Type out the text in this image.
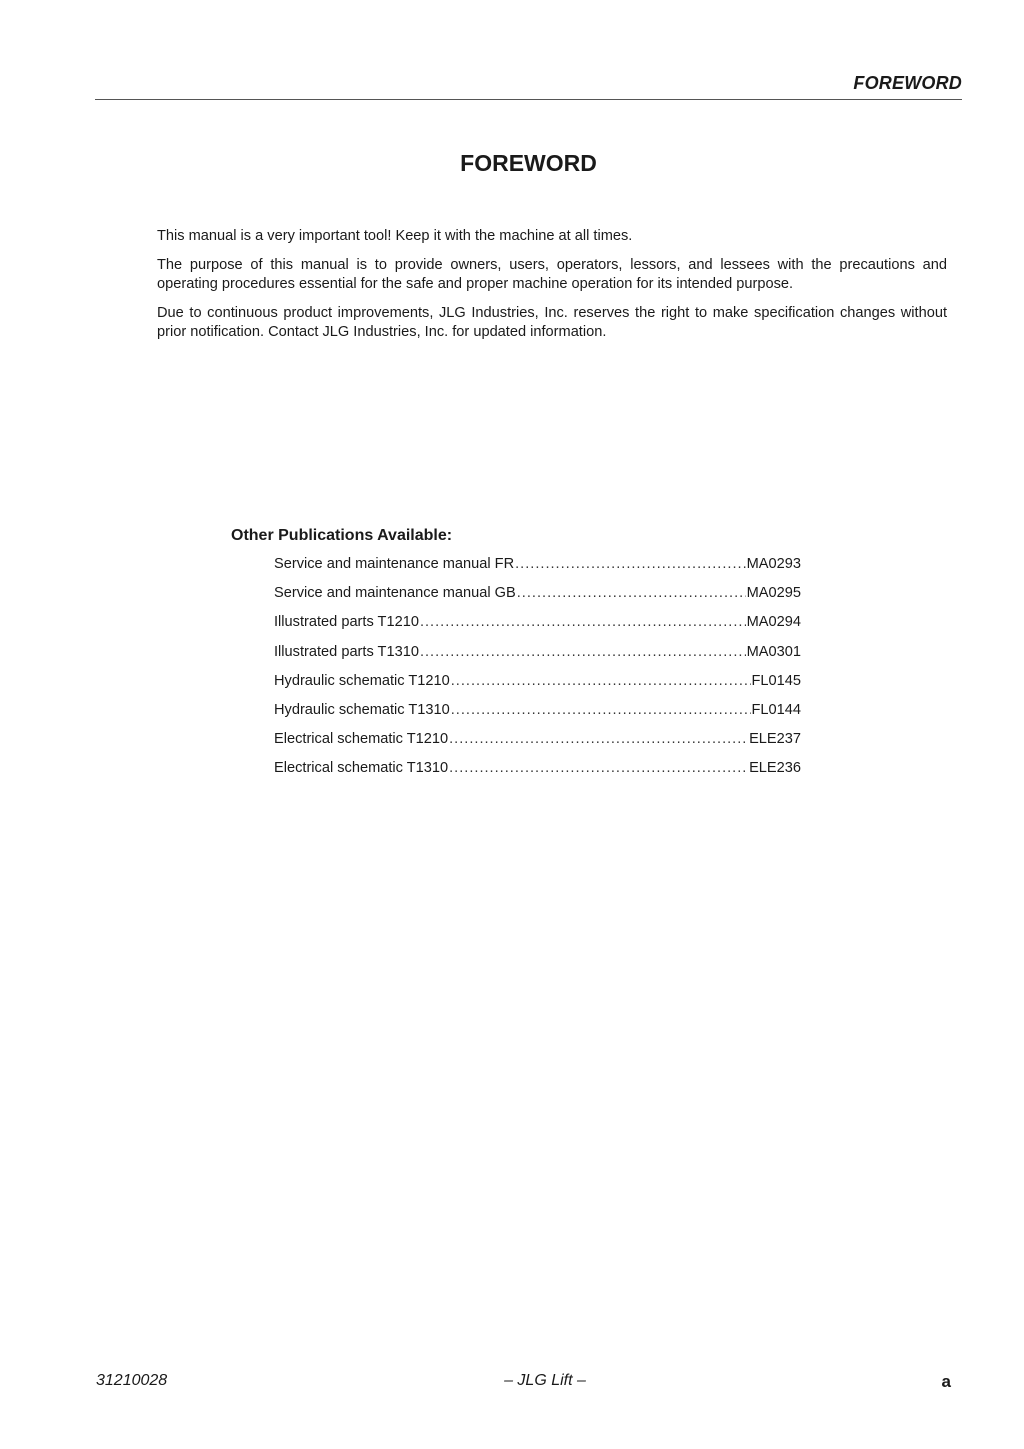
FOREWORD
FOREWORD

This manual is a very important tool! Keep it with the machine at all times.

The purpose of this manual is to provide owners, users, operators, lessors, and lessees with the precautions and operating procedures essential for the safe and proper machine operation for its intended purpose.

Due to continuous product improvements, JLG Industries, Inc. reserves the right to make specification changes without prior notification. Contact JLG Industries, Inc. for updated information.

Other Publications Available:
Service and maintenance manual FR .....	MA0293
Service and maintenance manual GB .....	MA0295
Illustrated parts T1210 .....	MA0294
Illustrated parts T1310 .....	MA0301
Hydraulic schematic T1210 .....	FL0145
Hydraulic schematic T1310 .....	FL0144
Electrical schematic T1210 .....	ELE237
Electrical schematic T1310 .....	ELE236
31210028	– JLG Lift –	a
